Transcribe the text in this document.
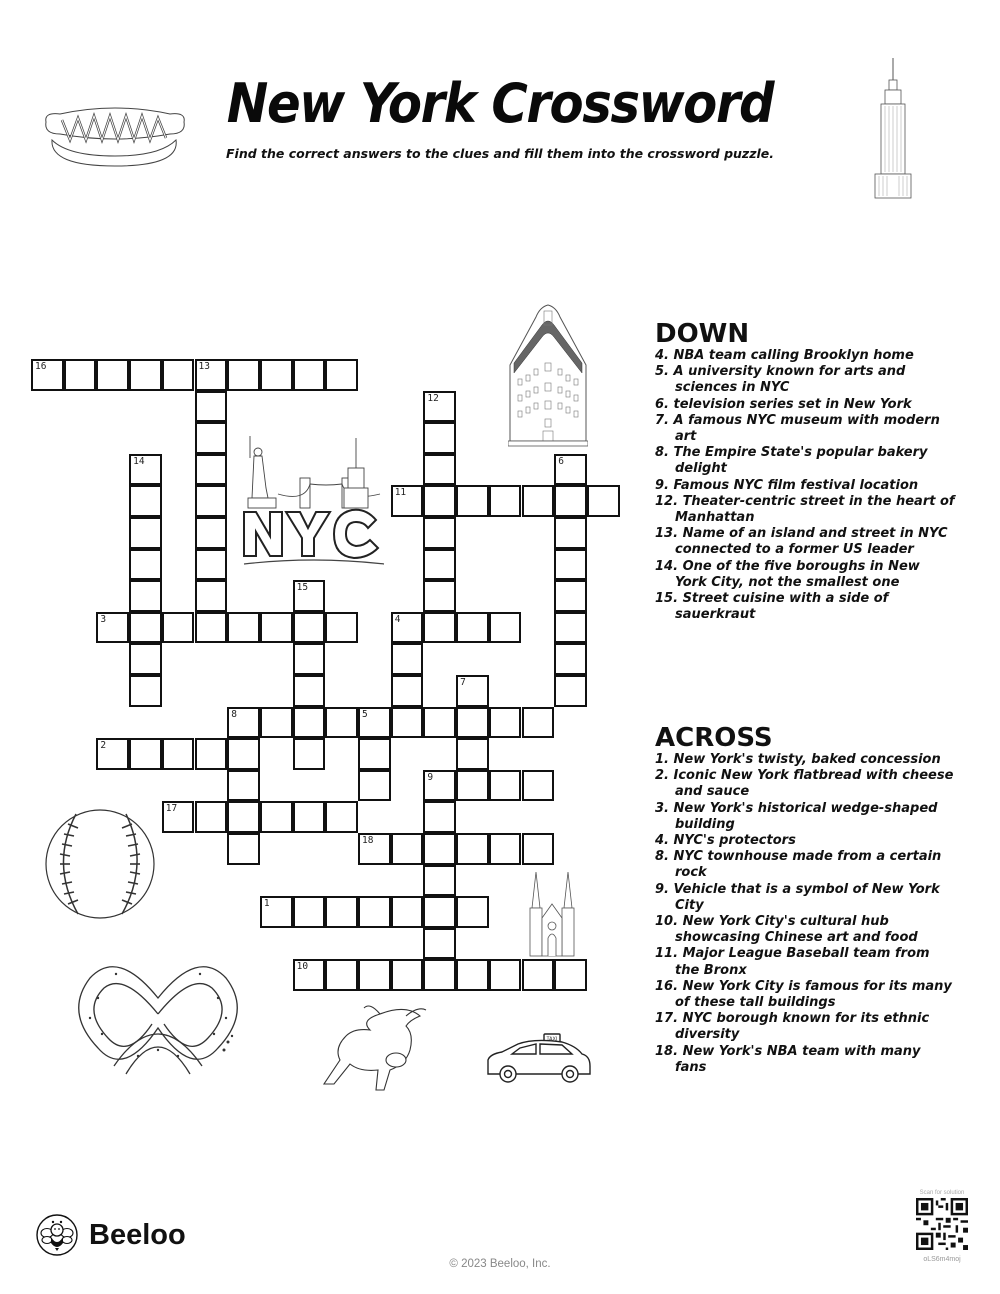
New York Crossword
Find the correct answers to the clues and fill them into the crossword puzzle.
NYC
16	13
12
14	6
11
15
3	4
7
8	5
2
9
17
18
1
10
TAXI
DOWN
4. NBA team calling Brooklyn home
5. A university known for arts and sciences in NYC
6. television series set in New York
7. A famous NYC museum with modern art
8. The Empire State's popular bakery delight
9. Famous NYC film festival location
12. Theater-centric street in the heart of Manhattan
13. Name of an island and street in NYC connected to a former US leader
14. One of the five boroughs in New York City, not the smallest one
15. Street cuisine with a side of sauerkraut
ACROSS
1. New York's twisty, baked concession
2. Iconic New York flatbread with cheese and sauce
3. New York's historical wedge-shaped building
4. NYC's protectors
8. NYC townhouse made from a certain rock
9. Vehicle that is a symbol of New York City
10. New York City's cultural hub showcasing Chinese art and food
11. Major League Baseball team from the Bronx
16. New York City is famous for its many of these tall buildings
17. NYC borough known for its ethnic diversity
18. New York's NBA team with many fans
Beeloo
© 2023 Beeloo, Inc.
Scan for solution
oLS6m4moj
